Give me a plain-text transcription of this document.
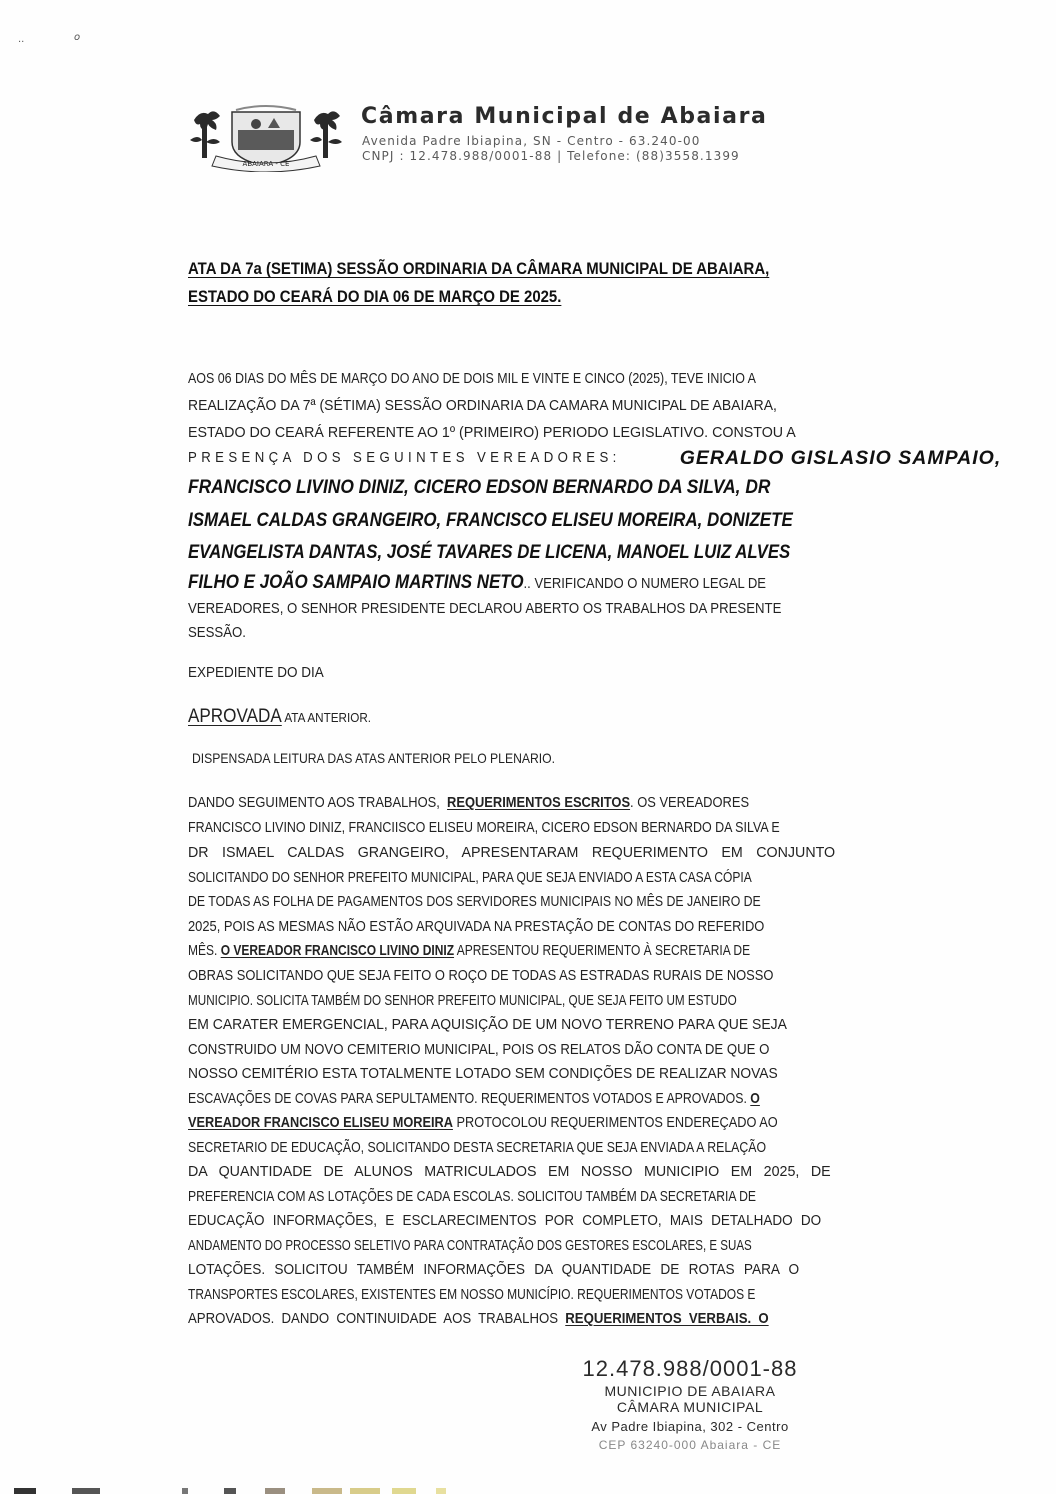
..	o
ABAIARA - CE
Câmara Municipal de Abaiara
Avenida Padre Ibiapina, SN - Centro - 63.240-00
CNPJ : 12.478.988/0001-88 | Telefone: (88)3558.1399
ATA DA 7a (SETIMA) SESSÃO ORDINARIA DA CÂMARA MUNICIPAL DE ABAIARA,
ESTADO DO CEARÁ DO DIA 06 DE MARÇO DE 2025.
AOS 06 DIAS DO MÊS DE MARÇO DO ANO DE DOIS MIL E VINTE E CINCO (2025), TEVE INICIO A
REALIZAÇÃO DA 7ª (SÉTIMA) SESSÃO ORDINARIA DA CAMARA MUNICIPAL DE ABAIARA,
ESTADO DO CEARÁ REFERENTE AO 1º (PRIMEIRO) PERIODO LEGISLATIVO. CONSTOU A
PRESENÇA DOS SEGUINTES VEREADORES:	GERALDO GISLASIO SAMPAIO,
FRANCISCO LIVINO DINIZ, CICERO EDSON BERNARDO DA SILVA, DR
ISMAEL CALDAS GRANGEIRO, FRANCISCO ELISEU MOREIRA, DONIZETE
EVANGELISTA DANTAS, JOSÉ TAVARES DE LICENA, MANOEL LUIZ ALVES
FILHO E JOÃO SAMPAIO MARTINS NETO.. VERIFICANDO O NUMERO LEGAL DE
VEREADORES, O SENHOR PRESIDENTE DECLAROU ABERTO OS TRABALHOS DA PRESENTE
SESSÃO.
EXPEDIENTE DO DIA
APROVADA ATA ANTERIOR.
DISPENSADA LEITURA DAS ATAS ANTERIOR PELO PLENARIO.
DANDO SEGUIMENTO AOS TRABALHOS, REQUERIMENTOS ESCRITOS. OS VEREADORES
FRANCISCO LIVINO DINIZ, FRANCIISCO ELISEU MOREIRA, CICERO EDSON BERNARDO DA SILVA E
DR ISMAEL CALDAS GRANGEIRO, APRESENTARAM REQUERIMENTO EM CONJUNTO
SOLICITANDO DO SENHOR PREFEITO MUNICIPAL, PARA QUE SEJA ENVIADO A ESTA CASA CÓPIA
DE TODAS AS FOLHA DE PAGAMENTOS DOS SERVIDORES MUNICIPAIS NO MÊS DE JANEIRO DE
2025, POIS AS MESMAS NÃO ESTÃO ARQUIVADA NA PRESTAÇÃO DE CONTAS DO REFERIDO
MÊS. O VEREADOR FRANCISCO LIVINO DINIZ APRESENTOU REQUERIMENTO À SECRETARIA DE
OBRAS SOLICITANDO QUE SEJA FEITO O ROÇO DE TODAS AS ESTRADAS RURAIS DE NOSSO
MUNICIPIO. SOLICITA TAMBÉM DO SENHOR PREFEITO MUNICIPAL, QUE SEJA FEITO UM ESTUDO
EM CARATER EMERGENCIAL, PARA AQUISIÇÃO DE UM NOVO TERRENO PARA QUE SEJA
CONSTRUIDO UM NOVO CEMITERIO MUNICIPAL, POIS OS RELATOS DÃO CONTA DE QUE O
NOSSO CEMITÉRIO ESTA TOTALMENTE LOTADO SEM CONDIÇÕES DE REALIZAR NOVAS
ESCAVAÇÕES DE COVAS PARA SEPULTAMENTO. REQUERIMENTOS VOTADOS E APROVADOS. O
VEREADOR FRANCISCO ELISEU MOREIRA PROTOCOLOU REQUERIMENTOS ENDEREÇADO AO
SECRETARIO DE EDUCAÇÃO, SOLICITANDO DESTA SECRETARIA QUE SEJA ENVIADA A RELAÇÃO
DA QUANTIDADE DE ALUNOS MATRICULADOS EM NOSSO MUNICIPIO EM 2025, DE
PREFERENCIA COM AS LOTAÇÕES DE CADA ESCOLAS. SOLICITOU TAMBÉM DA SECRETARIA DE
EDUCAÇÃO INFORMAÇÕES, E ESCLARECIMENTOS POR COMPLETO, MAIS DETALHADO DO
ANDAMENTO DO PROCESSO SELETIVO PARA CONTRATAÇÃO DOS GESTORES ESCOLARES, E SUAS
LOTAÇÕES. SOLICITOU TAMBÉM INFORMAÇÕES DA QUANTIDADE DE ROTAS PARA O
TRANSPORTES ESCOLARES, EXISTENTES EM NOSSO MUNICÍPIO. REQUERIMENTOS VOTADOS E
APROVADOS. DANDO CONTINUIDADE AOS TRABALHOS REQUERIMENTOS VERBAIS. O
12.478.988/0001-88
MUNICIPIO DE ABAIARA
CÂMARA MUNICIPAL
Av Padre Ibiapina, 302 - Centro
CEP 63240-000 Abaiara - CE
